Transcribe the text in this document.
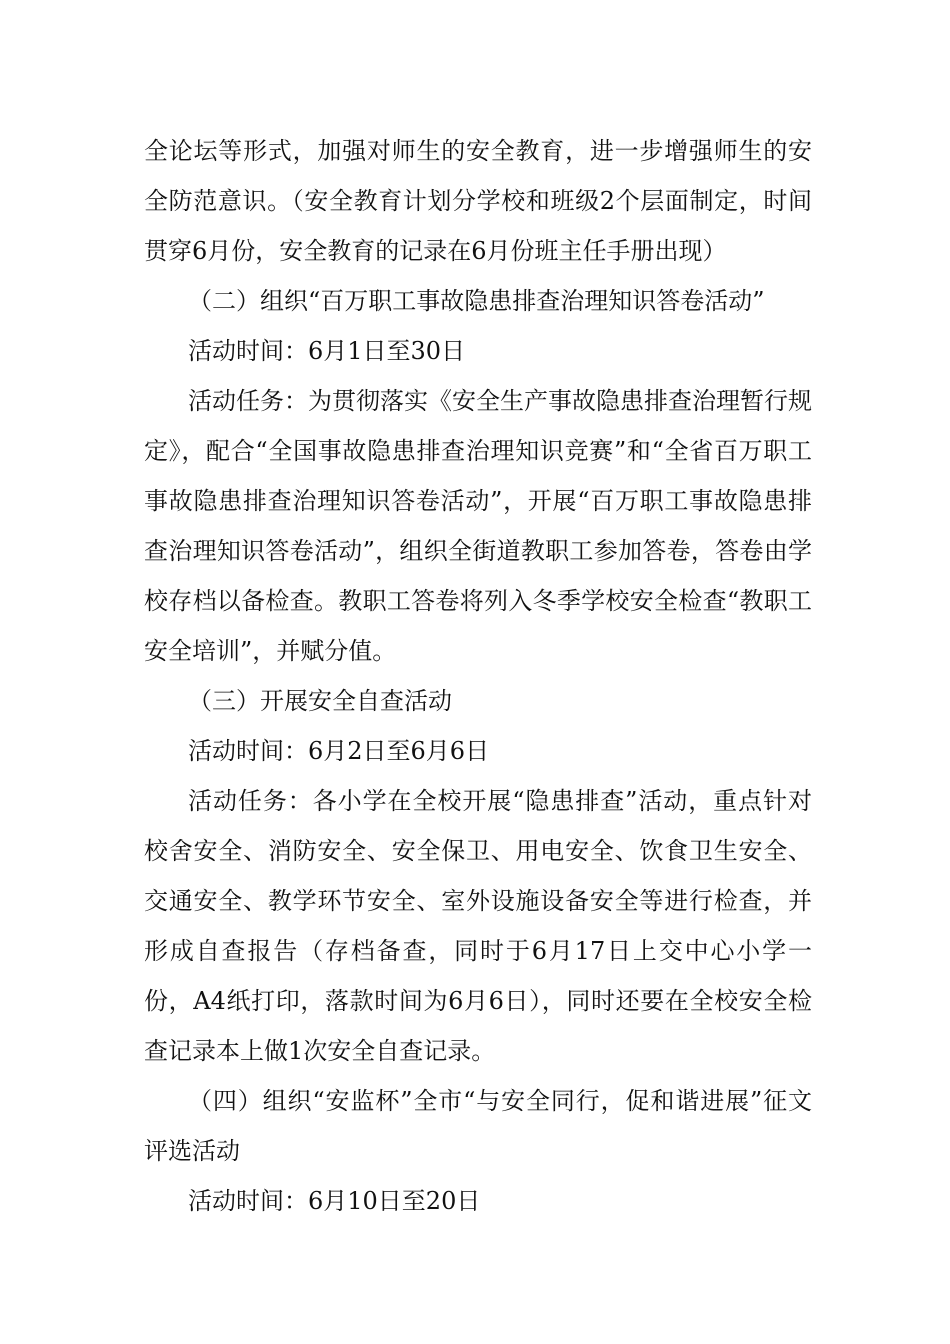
全论坛等形式，加强对师生的安全教育，进一步增强师生的安全防范意识。（安全教育计划分学校和班级2个层面制定，时间贯穿6月份，安全教育的记录在6月份班主任手册出现）

（二）组织“百万职工事故隐患排查治理知识答卷活动”

活动时间：6月1日至30日

活动任务：为贯彻落实《安全生产事故隐患排查治理暂行规定》，配合“全国事故隐患排查治理知识竞赛”和“全省百万职工事故隐患排查治理知识答卷活动”，开展“百万职工事故隐患排查治理知识答卷活动”，组织全街道教职工参加答卷，答卷由学校存档以备检查。教职工答卷将列入冬季学校安全检查“教职工安全培训”，并赋分值。

（三）开展安全自查活动

活动时间：6月2日至6月6日

活动任务：各小学在全校开展“隐患排查”活动，重点针对校舍安全、消防安全、安全保卫、用电安全、饮食卫生安全、交通安全、教学环节安全、室外设施设备安全等进行检查，并形成自查报告（存档备查，同时于6月17日上交中心小学一份，A4纸打印，落款时间为6月6日），同时还要在全校安全检查记录本上做1次安全自查记录。

（四）组织“安监杯”全市“与安全同行，促和谐进展”征文评选活动

活动时间：6月10日至20日
